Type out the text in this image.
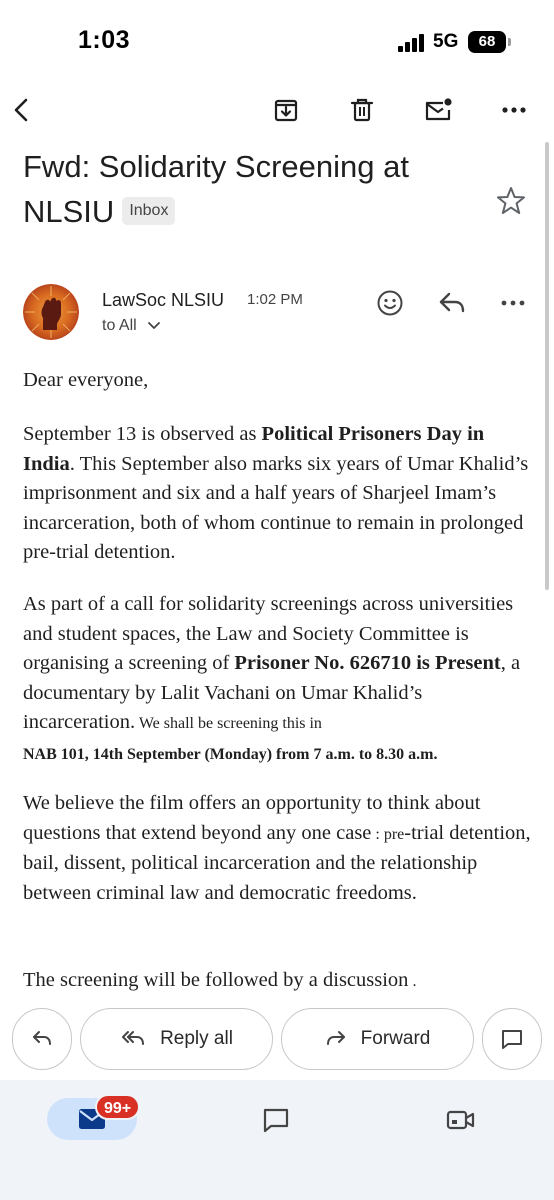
1:03	5G	68
Fwd: Solidarity Screening at NLSIU Inbox
LawSoc NLSIU 1:02 PM
to All
Dear everyone,
September 13 is observed as Political Prisoners Day in India. This September also marks six years of Umar Khalid’s imprisonment and six and a half years of Sharjeel Imam’s incarceration, both of whom continue to remain in prolonged pre-trial detention.
As part of a call for solidarity screenings across universities and student spaces, the Law and Society Committee is organising a screening of Prisoner No. 626710 is Present, a documentary by Lalit Vachani on Umar Khalid’s incarceration. We shall be screening this in
NAB 101, 14th September (Monday) from 7 a.m. to 8.30 a.m.
We believe the film offers an opportunity to think about questions that extend beyond any one case : pre-trial detention, bail, dissent, political incarceration and the relationship between criminal law and democratic freedoms.
The screening will be followed by a discussion .
Reply all	Forward
99+
